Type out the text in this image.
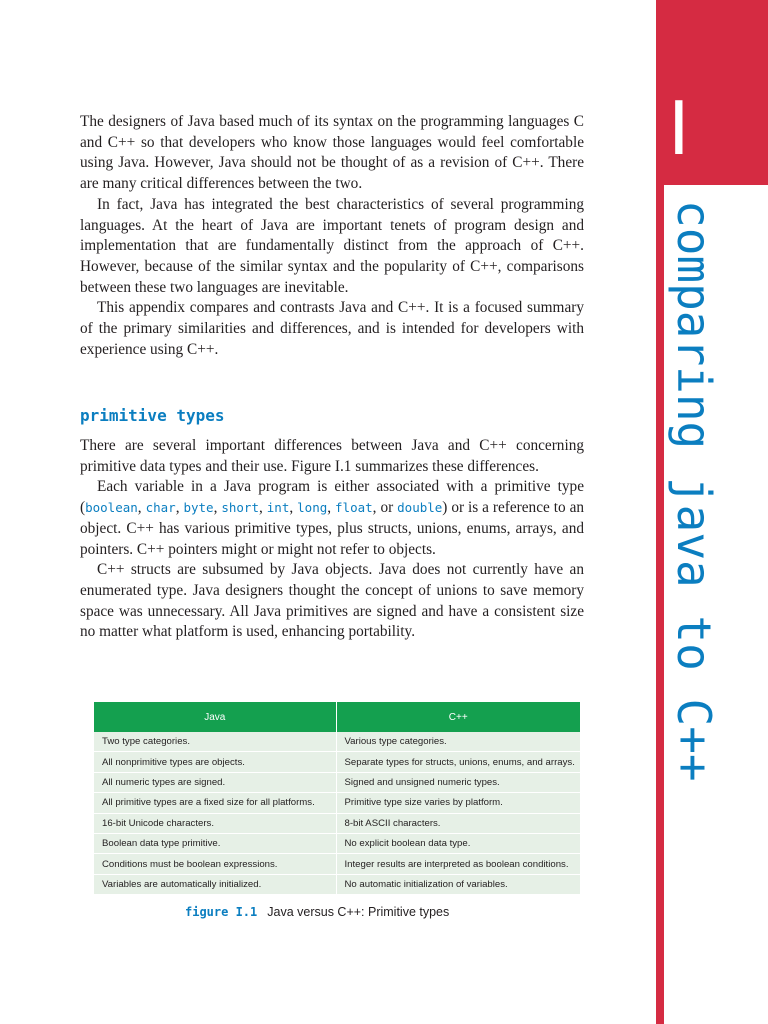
I
comparing java to C++

The designers of Java based much of its syntax on the programming languages C and C++ so that developers who know those languages would feel comfortable using Java. However, Java should not be thought of as a revision of C++. There are many critical differences between the two.

In fact, Java has integrated the best characteristics of several programming languages. At the heart of Java are important tenets of program design and implementation that are fundamentally distinct from the approach of C++. However, because of the similar syntax and the popularity of C++, comparisons between these two languages are inevitable.

This appendix compares and contrasts Java and C++. It is a focused summary of the primary similarities and differences, and is intended for developers with experience using C++.

primitive types

There are several important differences between Java and C++ concerning primitive data types and their use. Figure I.1 summarizes these differences.

Each variable in a Java program is either associated with a primitive type (boolean, char, byte, short, int, long, float, or double) or is a reference to an object. C++ has various primitive types, plus structs, unions, enums, arrays, and pointers. C++ pointers might or might not refer to objects.

C++ structs are subsumed by Java objects. Java does not currently have an enumerated type. Java designers thought the concept of unions to save memory space was unnecessary. All Java primitives are signed and have a consistent size no matter what platform is used, enhancing portability.

Java	C++
Two type categories.	Various type categories.
All nonprimitive types are objects.	Separate types for structs, unions, enums, and arrays.
All numeric types are signed.	Signed and unsigned numeric types.
All primitive types are a fixed size for all platforms.	Primitive type size varies by platform.
16-bit Unicode characters.	8-bit ASCII characters.
Boolean data type primitive.	No explicit boolean data type.
Conditions must be boolean expressions.	Integer results are interpreted as boolean conditions.
Variables are automatically initialized.	No automatic initialization of variables.
figure I.1 Java versus C++: Primitive types
